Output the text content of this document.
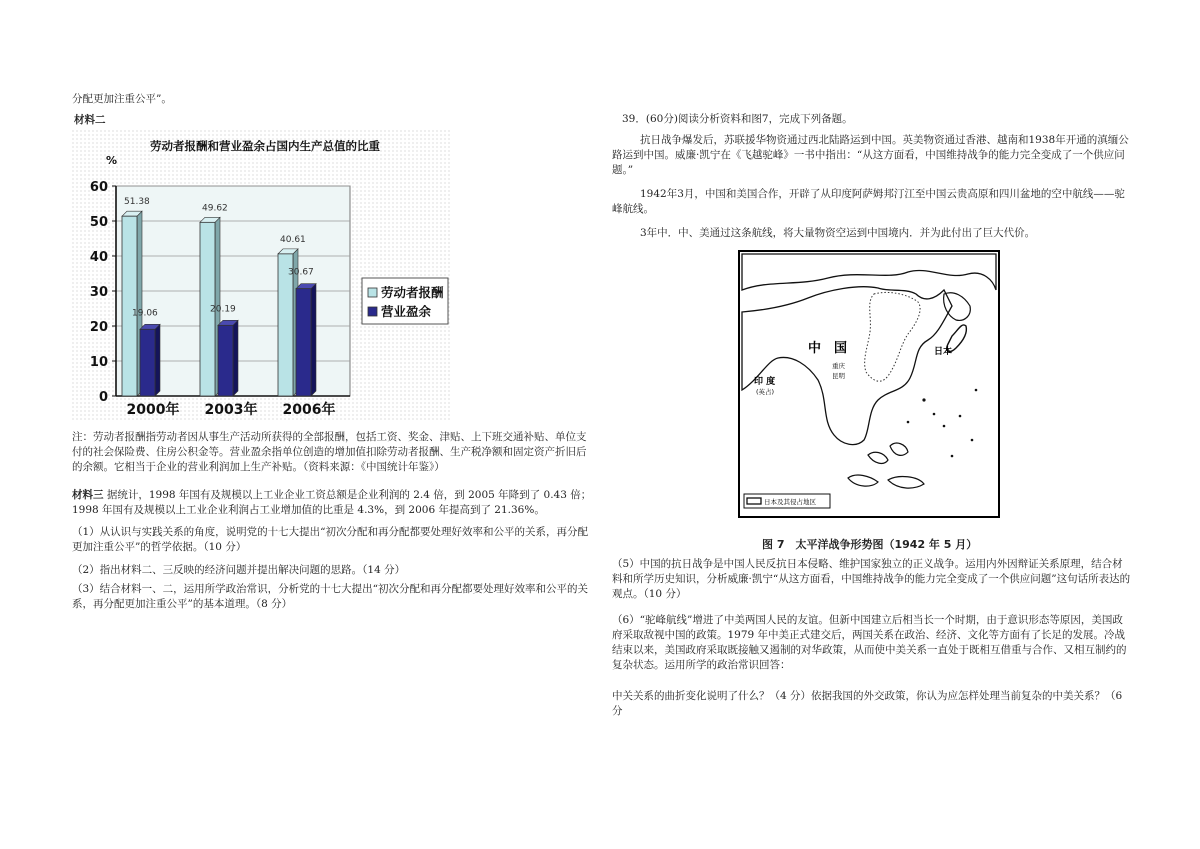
分配更加注重公平”。
材料二
劳动者报酬和营业盈余占国内生产总值的比重
%
0
10
20
30
40
50
60
51.38
49.62
40.61
19.06	20.19
30.67
2000年 2003年 2006年
劳动者报酬
营业盈余
注：劳动者报酬指劳动者因从事生产活动所获得的全部报酬，包括工资、奖金、津贴、上下班交通补贴、单位支付的社会保险费、住房公积金等。营业盈余指单位创造的增加值扣除劳动者报酬、生产税净额和固定资产折旧后的余额。它相当于企业的营业利润加上生产补贴。（资料来源：《中国统计年鉴》）
材料三 据统计，1998 年国有及规模以上工业企业工资总额是企业利润的 2.4 倍，到 2005 年降到了 0.43 倍；1998 年国有及规模以上工业企业利润占工业增加值的比重是 4.3%，到 2006 年提高到了 21.36%。
（1）从认识与实践关系的角度，说明党的十七大提出“初次分配和再分配都要处理好效率和公平的关系，再分配更加注重公平”的哲学依据。（10 分）
（2）指出材料二、三反映的经济问题并提出解决问题的思路。（14 分）
（3）结合材料一、二，运用所学政治常识，分析党的十七大提出“初次分配和再分配都要处理好效率和公平的关系，再分配更加注重公平”的基本道理。（8 分）
39．(60分)阅读分析资料和图7，完成下列备题。
抗日战争爆发后，苏联援华物资通过西北陆路运到中国。英美物资通过香港、越南和1938年开通的滇缅公路运到中国。威廉·凯宁在《飞越驼峰》一书中指出：“从这方面看，中国维持战争的能力完全变成了一个供应问题。”
1942年3月，中国和美国合作，开辟了从印度阿萨姆邦汀江至中国云贵高原和四川盆地的空中航线——驼峰航线。
3年中．中、美通过这条航线，将大量物资空运到中国境内．并为此付出了巨大代价。
中　国	日本
印 度
(英占)
重庆
昆明
日本及其侵占地区
图 7　太平洋战争形势图（1942 年 5 月）
（5）中国的抗日战争是中国人民反抗日本侵略、维护国家独立的正义战争。运用内外因辩证关系原理，结合材料和所学历史知识，分析威廉·凯宁“从这方面看，中国维持战争的能力完全变成了一个供应问题”这句话所表达的观点。（10 分）
（6）“驼峰航线”增进了中美两国人民的友谊。但新中国建立后相当长一个时期，由于意识形态等原因，美国政府采取敌视中国的政策。1979 年中美正式建交后，两国关系在政治、经济、文化等方面有了长足的发展。冷战结束以来，美国政府采取既接触又遏制的对华政策，从而使中美关系一直处于既相互借重与合作、又相互制约的复杂状态。运用所学的政治常识回答：
中关关系的曲折变化说明了什么？（4 分）依据我国的外交政策，你认为应怎样处理当前复杂的中美关系？（6 分
